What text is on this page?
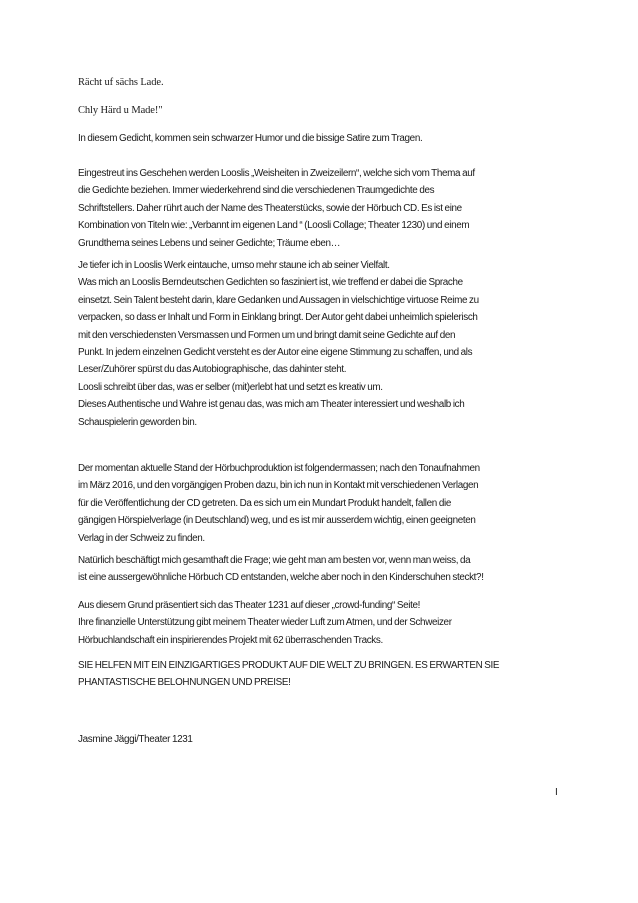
Rächt uf sächs Lade.
Chly Härd u Made!"
In diesem Gedicht, kommen sein schwarzer Humor und die bissige Satire zum Tragen.
Eingestreut ins Geschehen werden Looslis „Weisheiten in Zweizeilern“, welche sich vom Thema auf
die Gedichte beziehen. Immer wiederkehrend sind die verschiedenen Traumgedichte des
Schriftstellers. Daher rührt auch der Name des Theaterstücks, sowie der Hörbuch CD. Es ist eine
Kombination von Titeln wie: „Verbannt im eigenen Land “ (Loosli Collage; Theater 1230) und einem
Grundthema seines Lebens und seiner Gedichte; Träume eben…
Je tiefer ich in Looslis Werk eintauche, umso mehr staune ich ab seiner Vielfalt.
Was mich an Looslis Berndeutschen Gedichten so fasziniert ist, wie treffend er dabei die Sprache
einsetzt. Sein Talent besteht darin, klare Gedanken und Aussagen in vielschichtige virtuose Reime zu
verpacken, so dass er Inhalt und Form in Einklang bringt. Der Autor geht dabei unheimlich spielerisch
mit den verschiedensten Versmassen und Formen um und bringt damit seine Gedichte auf den
Punkt. In jedem einzelnen Gedicht versteht es der Autor eine eigene Stimmung zu schaffen, und als
Leser/Zuhörer spürst du das Autobiographische, das dahinter steht.
Loosli schreibt über das, was er selber (mit)erlebt hat und setzt es kreativ um.
Dieses Authentische und Wahre ist genau das, was mich am Theater interessiert und weshalb ich
Schauspielerin geworden bin.
Der momentan aktuelle Stand der Hörbuchproduktion ist folgendermassen; nach den Tonaufnahmen
im März 2016, und den vorgängigen Proben dazu, bin ich nun in Kontakt mit verschiedenen Verlagen
für die Veröffentlichung der CD getreten. Da es sich um ein Mundart Produkt handelt, fallen die
gängigen Hörspielverlage (in Deutschland) weg, und es ist mir ausserdem wichtig, einen geeigneten
Verlag in der Schweiz zu finden.
Natürlich beschäftigt mich gesamthaft die Frage; wie geht man am besten vor, wenn man weiss, da
ist eine aussergewöhnliche Hörbuch CD entstanden, welche aber noch in den Kinderschuhen steckt?!
Aus diesem Grund präsentiert sich das Theater 1231 auf dieser „crowd-funding“ Seite!
Ihre finanzielle Unterstützung gibt meinem Theater wieder Luft zum Atmen, und der Schweizer
Hörbuchlandschaft ein inspirierendes Projekt mit 62 überraschenden Tracks.
SIE HELFEN MIT EIN EINZIGARTIGES PRODUKT AUF DIE WELT ZU BRINGEN. ES ERWARTEN SIE
PHANTASTISCHE BELOHNUNGEN UND PREISE!
Jasmine Jäggi/Theater 1231
I
